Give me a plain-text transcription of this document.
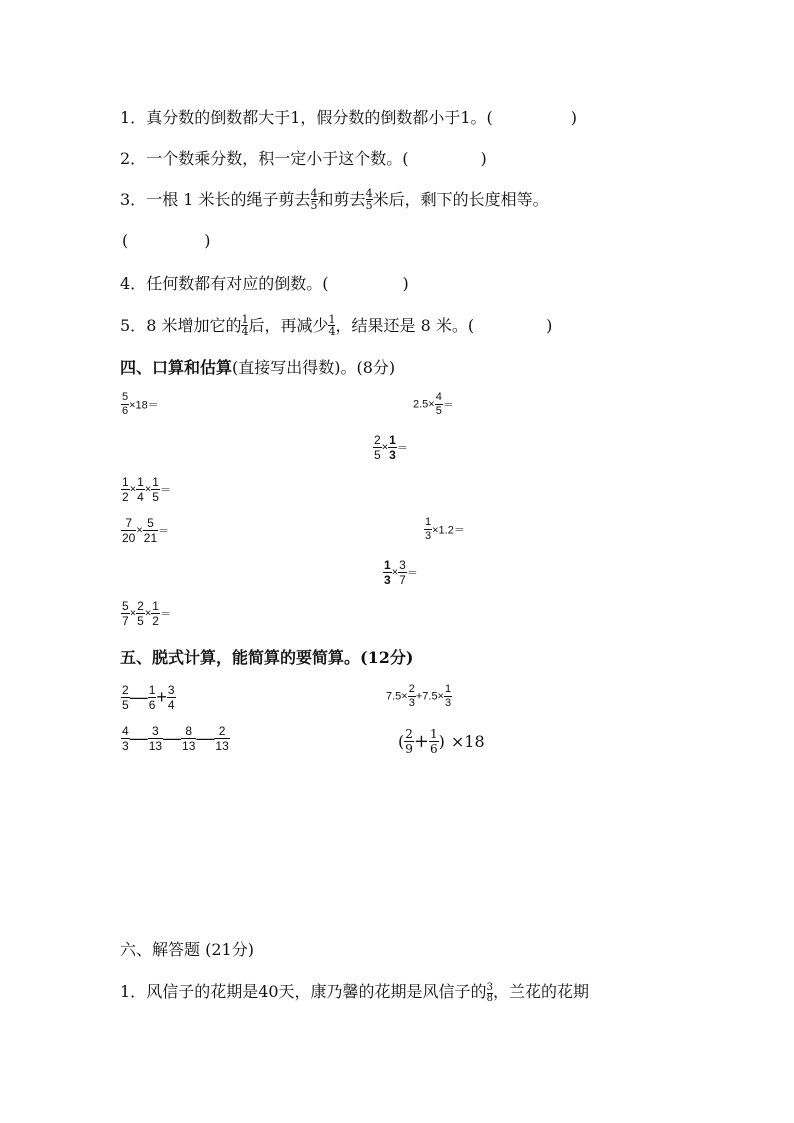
1．真分数的倒数都大于1，假分数的倒数都小于1。(	)
2．一个数乘分数，积一定小于这个数。(	)
3．一根 1 米长的绳子剪去 $\frac{4}{5}$ 和剪去 $\frac{4}{5}$ 米后，剩下的长度相等。
(	)
4．任何数都有对应的倒数。(	)
5．8 米增加它的 $\frac{1}{4}$ 后，再减少 $\frac{1}{4}$ ，结果还是 8 米。(	)
四、口算和估算(直接写出得数)。(8分)
$\frac{5}{6} \times 18=$	$2.5\times \frac{4}{5}$ ＝
$\frac{2}{5} \times \frac{1}{3}$ ＝
$\frac{1}{2} \times \frac{1}{4} \times \frac{1}{5}$ ＝
$\frac{7}{20} \times \frac{5}{21}$ ＝	$\frac{1}{3} \times 1.2=$
$\frac{1}{3} \times \frac{3}{7}$ ＝
$\frac{5}{7} \times \frac{2}{5} \times \frac{1}{2}$ ＝
五、脱式计算，能简算的要简算。(12分)
$\frac{2}{5}$ — $\frac{1}{6} + \frac{3}{4}$	$7.5\times \frac{2}{3} +7.5\times \frac{1}{3}$
$\frac{4}{3}$ — $\frac{3}{13}$ — $\frac{8}{13}$ — $\frac{2}{13}$	( $\frac{2}{9} + \frac{1}{6}$ ) ×18
六、解答题 (21分)
1．风信子的花期是40天，康乃馨的花期是风信子的 $\frac{3}{8}$ ，兰花的花期
